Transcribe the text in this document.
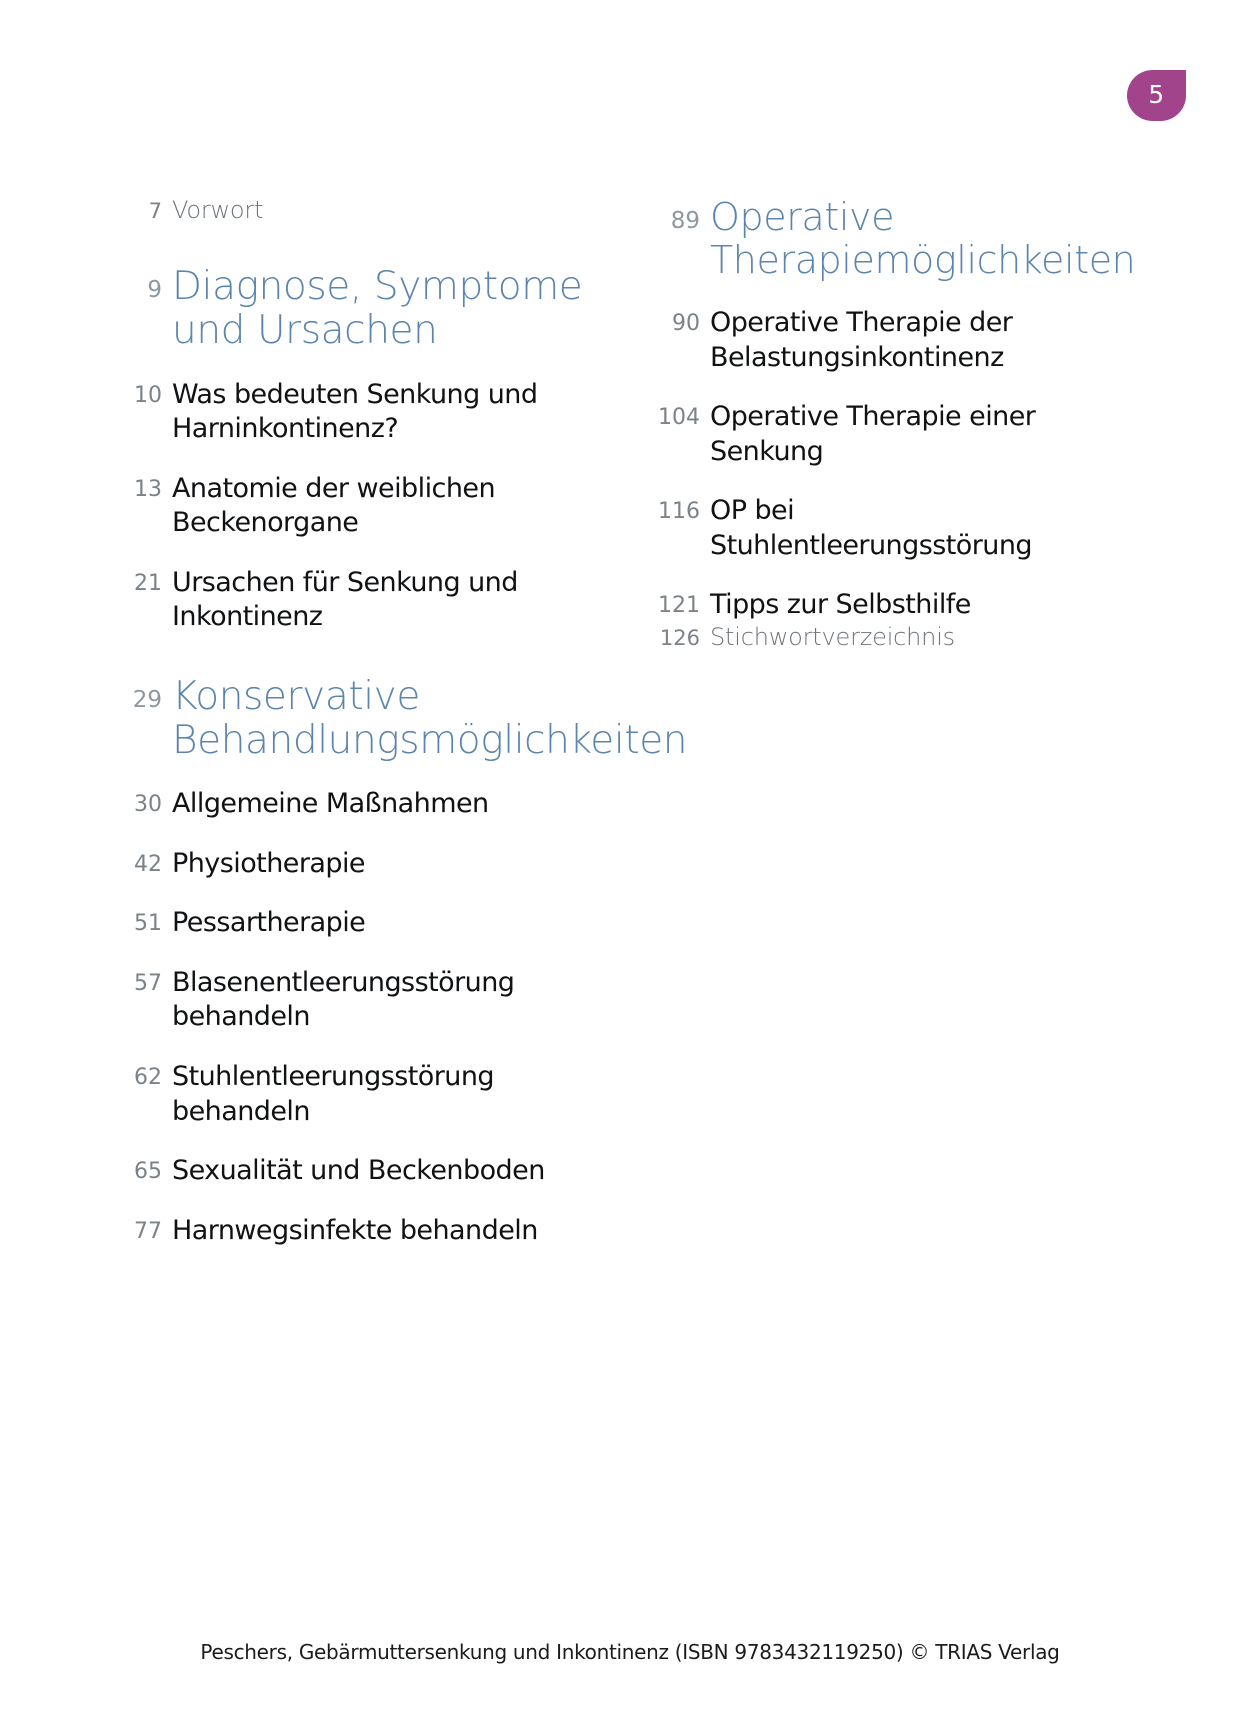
5
7 Vorwort
9 Diagnose, Symptome und Ursachen
10 Was bedeuten Senkung und Harninkontinenz?
13 Anatomie der weiblichen Beckenorgane
21 Ursachen für Senkung und Inkontinenz
29 Konservative Behandlungsmöglichkeiten
30 Allgemeine Maßnahmen
42 Physiotherapie
51 Pessartherapie
57 Blasenentleerungsstörung behandeln
62 Stuhlentleerungsstörung behandeln
65 Sexualität und Beckenboden
77 Harnwegsinfekte behandeln
89 Operative Therapiemöglichkeiten
90 Operative Therapie der Belastungsinkontinenz
104 Operative Therapie einer Senkung
116 OP bei Stuhlentleerungsstörung
121 Tipps zur Selbsthilfe
126 Stichwortverzeichnis
Peschers, Gebärmuttersenkung und Inkontinenz (ISBN 9783432119250) © TRIAS Verlag
